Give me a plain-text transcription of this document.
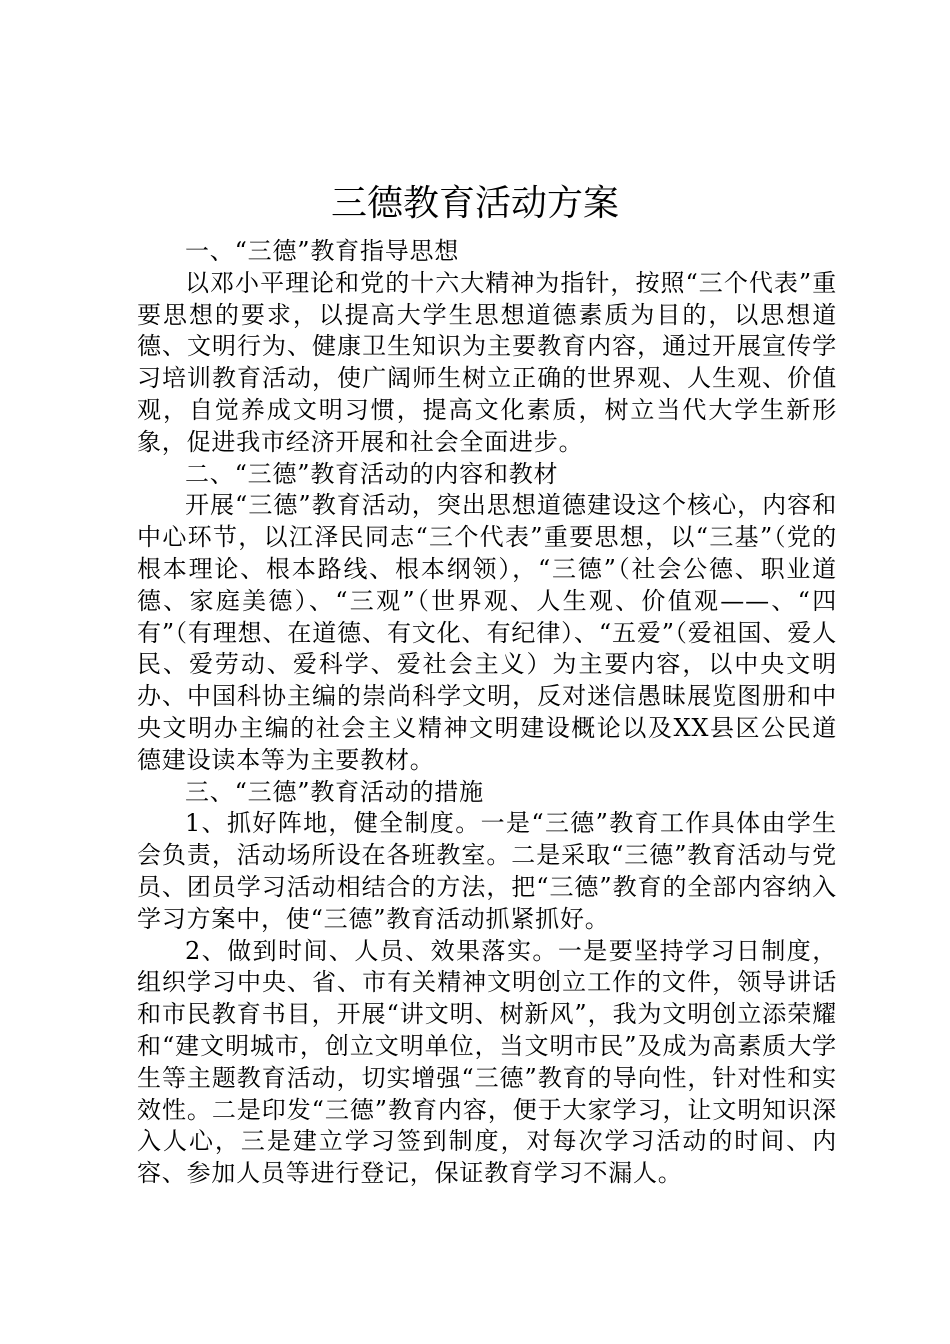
三德教育活动方案

一、“三德”教育指导思想

以邓小平理论和党的十六大精神为指针，按照“三个代表”重要思想的要求，以提高大学生思想道德素质为目的，以思想道德、文明行为、健康卫生知识为主要教育内容，通过开展宣传学习培训教育活动，使广阔师生树立正确的世界观、人生观、价值观，自觉养成文明习惯，提高文化素质，树立当代大学生新形象，促进我市经济开展和社会全面进步。

二、“三德”教育活动的内容和教材

开展“三德”教育活动，突出思想道德建设这个核心，内容和中心环节，以江泽民同志“三个代表”重要思想，以“三基”（党的根本理论、根本路线、根本纲领），“三德”（社会公德、职业道德、家庭美德）、“三观”（世界观、人生观、价值观——、“四有”（有理想、在道德、有文化、有纪律）、“五爱”（爱祖国、爱人民、爱劳动、爱科学、爱社会主义）为主要内容，以中央文明办、中国科协主编的崇尚科学文明，反对迷信愚昧展览图册和中央文明办主编的社会主义精神文明建设概论以及XX县区公民道德建设读本等为主要教材。

三、“三德”教育活动的措施

1、抓好阵地，健全制度。一是“三德”教育工作具体由学生会负责，活动场所设在各班教室。二是采取“三德”教育活动与党员、团员学习活动相结合的方法，把“三德”教育的全部内容纳入学习方案中，使“三德”教育活动抓紧抓好。

2、做到时间、人员、效果落实。一是要坚持学习日制度，组织学习中央、省、市有关精神文明创立工作的文件，领导讲话和市民教育书目，开展“讲文明、树新风”，我为文明创立添荣耀和“建文明城市，创立文明单位，当文明市民”及成为高素质大学生等主题教育活动，切实增强“三德”教育的导向性，针对性和实效性。二是印发“三德”教育内容，便于大家学习，让文明知识深入人心，三是建立学习签到制度，对每次学习活动的时间、内容、参加人员等进行登记，保证教育学习不漏人。
